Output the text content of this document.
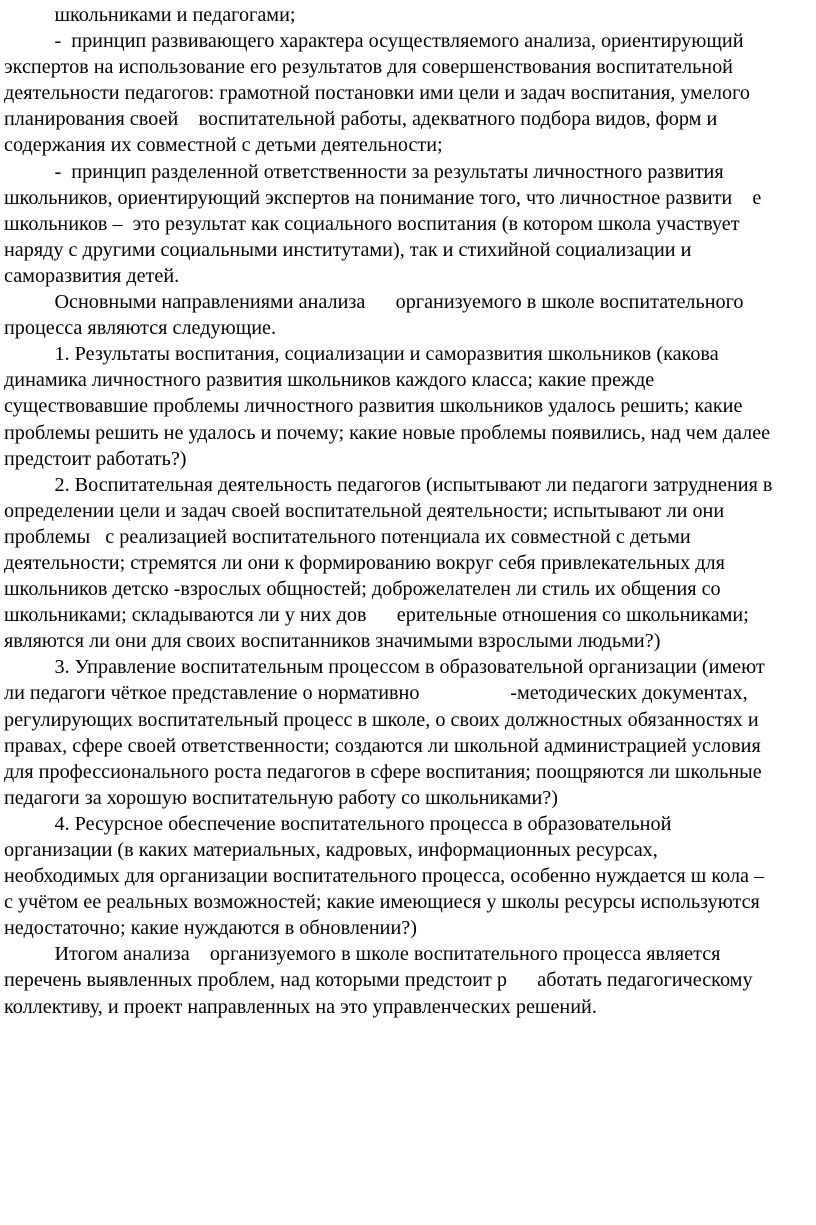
школьниками и педагогами;
-  принцип развивающего характера осуществляемого анализа, ориентирующий
экспертов на использование его результатов для совершенствования воспитательной
деятельности педагогов: грамотной постановки ими цели и задач воспитания, умелого
планирования своей    воспитательной работы, адекватного подбора видов, форм и
содержания их совместной с детьми деятельности;
-  принцип разделенной ответственности за результаты личностного развития
школьников, ориентирующий экспертов на понимание того, что личностное развити    е
школьников –  это результат как социального воспитания (в котором школа участвует
наряду с другими социальными институтами), так и стихийной социализации и
саморазвития детей.
Основными направлениями анализа      организуемого в школе воспитательного
процесса являются следующие.
1. Результаты воспитания, социализации и саморазвития школьников (какова
динамика личностного развития школьников каждого класса; какие прежде
существовавшие проблемы личностного развития школьников удалось решить; какие
проблемы решить не удалось и почему; какие новые проблемы появились, над чем далее
предстоит работать?)
2. Воспитательная деятельность педагогов (испытывают ли педагоги затруднения в
определении цели и задач своей воспитательной деятельности; испытывают ли они
проблемы   с реализацией воспитательного потенциала их совместной с детьми
деятельности; стремятся ли они к формированию вокруг себя привлекательных для
школьников детско -взрослых общностей; доброжелателен ли стиль их общения со
школьниками; складываются ли у них дов      ерительные отношения со школьниками;
являются ли они для своих воспитанников значимыми взрослыми людьми?)
3. Управление воспитательным процессом в образовательной организации (имеют
ли педагоги чёткое представление о нормативно                  -методических документах,
регулирующих воспитательный процесс в школе, о своих должностных обязанностях и
правах, сфере своей ответственности; создаются ли школьной администрацией условия
для профессионального роста педагогов в сфере воспитания; поощряются ли школьные
педагоги за хорошую воспитательную работу со школьниками?)
4. Ресурсное обеспечение воспитательного процесса в образовательной
организации (в каких материальных, кадровых, информационных ресурсах,
необходимых для организации воспитательного процесса, особенно нуждается ш кола –
с учётом ее реальных возможностей; какие имеющиеся у школы ресурсы используются
недостаточно; какие нуждаются в обновлении?)
Итогом анализа    организуемого в школе воспитательного процесса является
перечень выявленных проблем, над которыми предстоит р      аботать педагогическому
коллективу, и проект направленных на это управленческих решений.
